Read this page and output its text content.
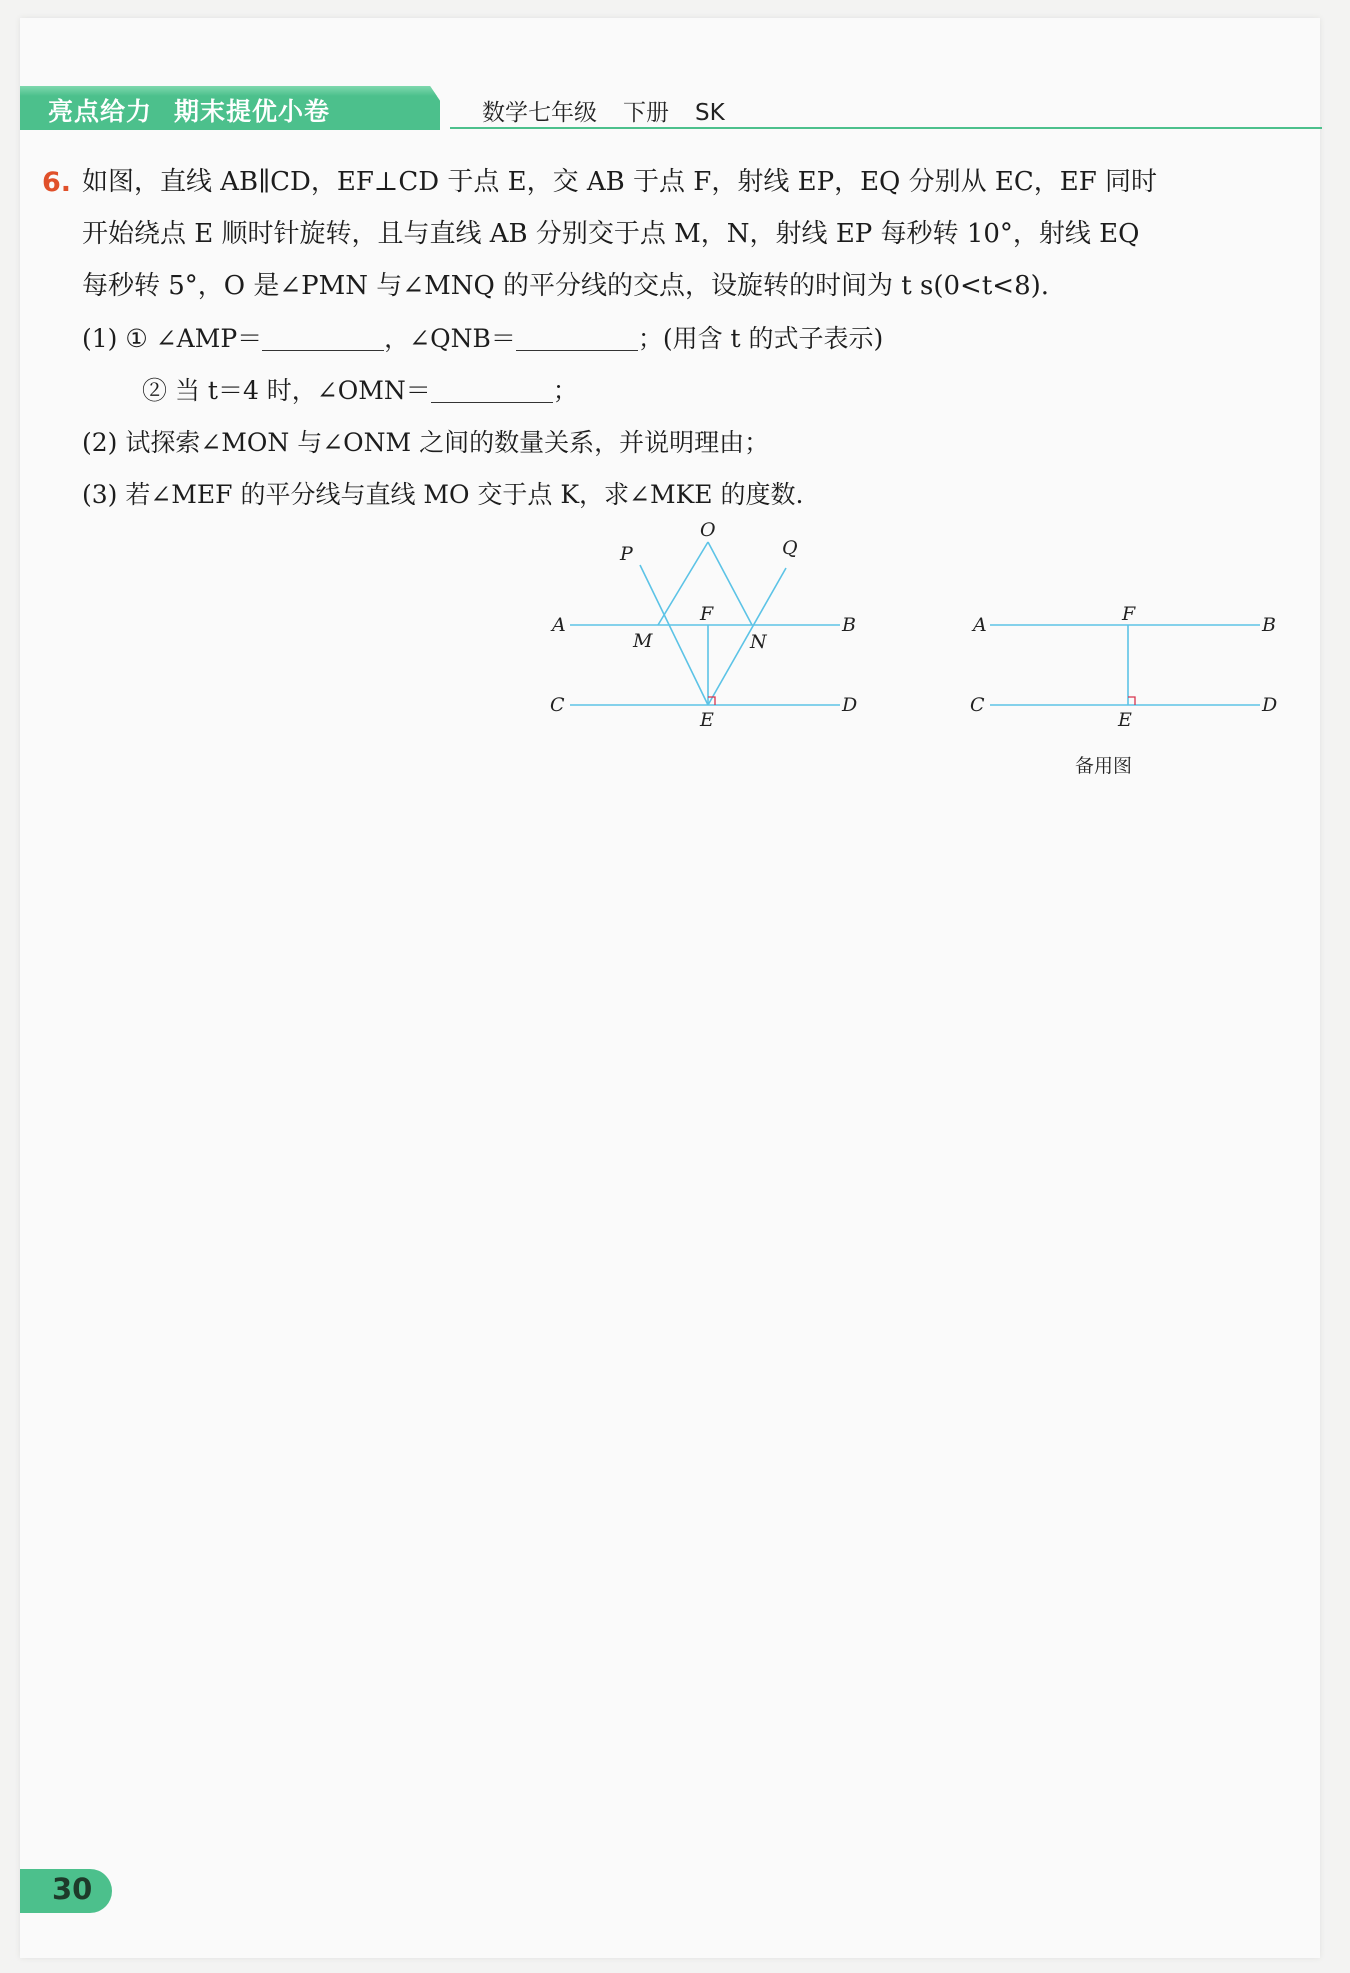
亮点给力 期末提优小卷	数学七年级 下册 SK
6. 如图，直线 AB∥CD，EF⊥CD 于点 E，交 AB 于点 F，射线 EP，EQ 分别从 EC，EF 同时
开始绕点 E 顺时针旋转，且与直线 AB 分别交于点 M，N，射线 EP 每秒转 10°，射线 EQ
每秒转 5°，O 是∠PMN 与∠MNQ 的平分线的交点，设旋转的时间为 t s(0<t<8).
(1) ① ∠AMP＝	，∠QNB＝	；(用含 t 的式子表示)
② 当 t＝4 时，∠OMN＝	；
(2) 试探索∠MON 与∠ONM 之间的数量关系，并说明理由；
(3) 若∠MEF 的平分线与直线 MO 交于点 K，求∠MKE 的度数.
P
O
Q
A	B
F
M	N
C	D
E
A	B
F
C	D
E
备用图
30
